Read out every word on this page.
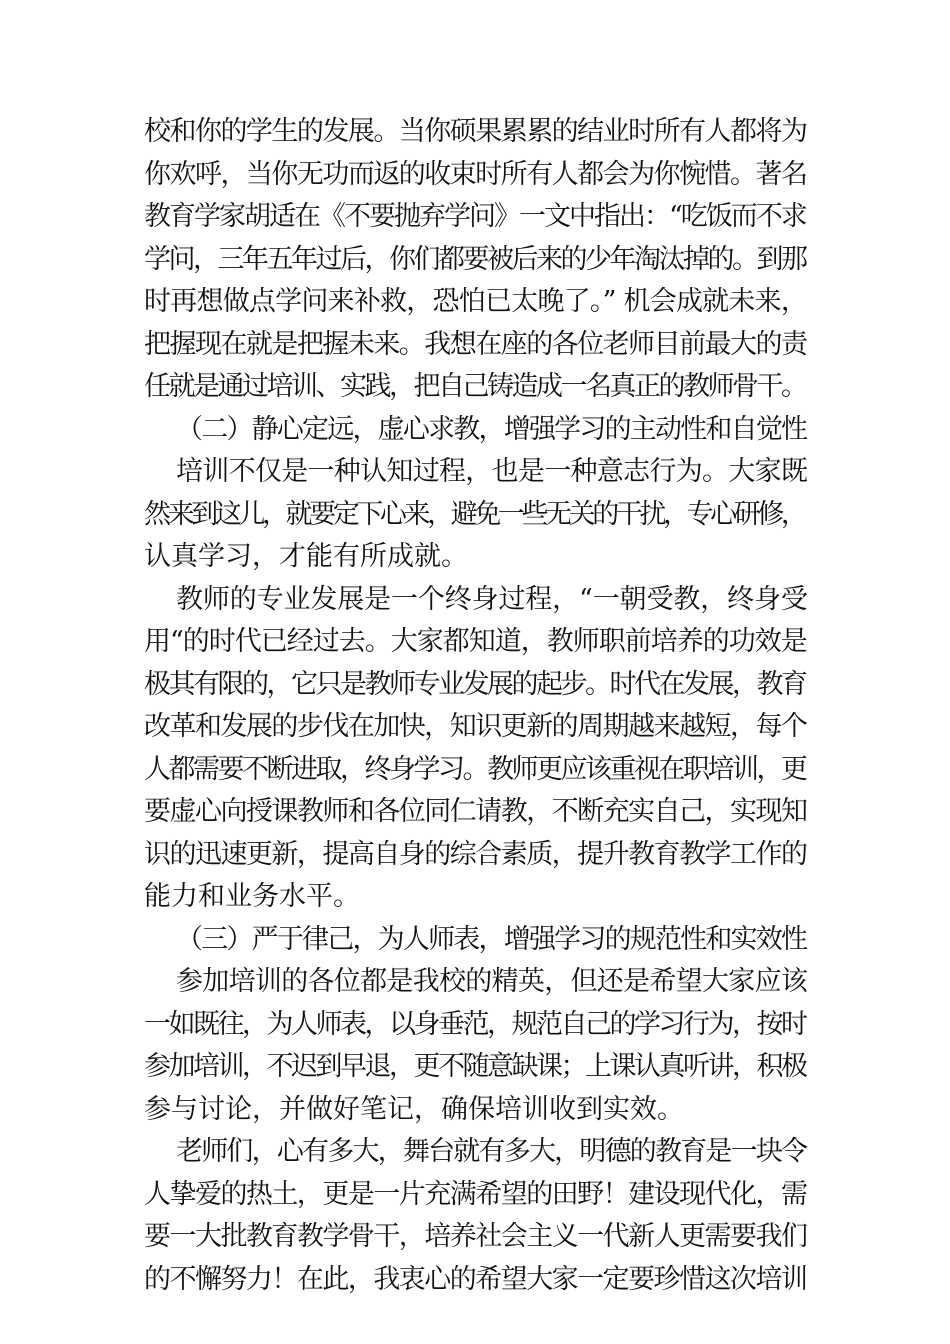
校和你的学生的发展。当你硕果累累的结业时所有人都将为
你欢呼，当你无功而返的收束时所有人都会为你惋惜。著名
教育学家胡适在《不要抛弃学问》一文中指出：“吃饭而不求
学问，三年五年过后，你们都要被后来的少年淘汰掉的。到那
时再想做点学问来补救，恐怕已太晚了。” 机会成就未来，
把握现在就是把握未来。我想在座的各位老师目前最大的责
任就是通过培训、实践，把自己铸造成一名真正的教师骨干。
（二）静心定远，虚心求教，增强学习的主动性和自觉性
培训不仅是一种认知过程，也是一种意志行为。大家既
然来到这儿，就要定下心来，避免一些无关的干扰，专心研修，
认真学习，才能有所成就。
教师的专业发展是一个终身过程，“一朝受教，终身受
用“的时代已经过去。大家都知道，教师职前培养的功效是
极其有限的，它只是教师专业发展的起步。时代在发展，教育
改革和发展的步伐在加快，知识更新的周期越来越短，每个
人都需要不断进取，终身学习。教师更应该重视在职培训，更
要虚心向授课教师和各位同仁请教，不断充实自己，实现知
识的迅速更新，提高自身的综合素质，提升教育教学工作的
能力和业务水平。
（三）严于律己，为人师表，增强学习的规范性和实效性
参加培训的各位都是我校的精英，但还是希望大家应该
一如既往，为人师表，以身垂范，规范自己的学习行为，按时
参加培训，不迟到早退，更不随意缺课；上课认真听讲，积极
参与讨论，并做好笔记，确保培训收到实效。
老师们，心有多大，舞台就有多大，明德的教育是一块令
人挚爱的热土，更是一片充满希望的田野！建设现代化，需
要一大批教育教学骨干，培养社会主义一代新人更需要我们
的不懈努力！在此，我衷心的希望大家一定要珍惜这次培训
